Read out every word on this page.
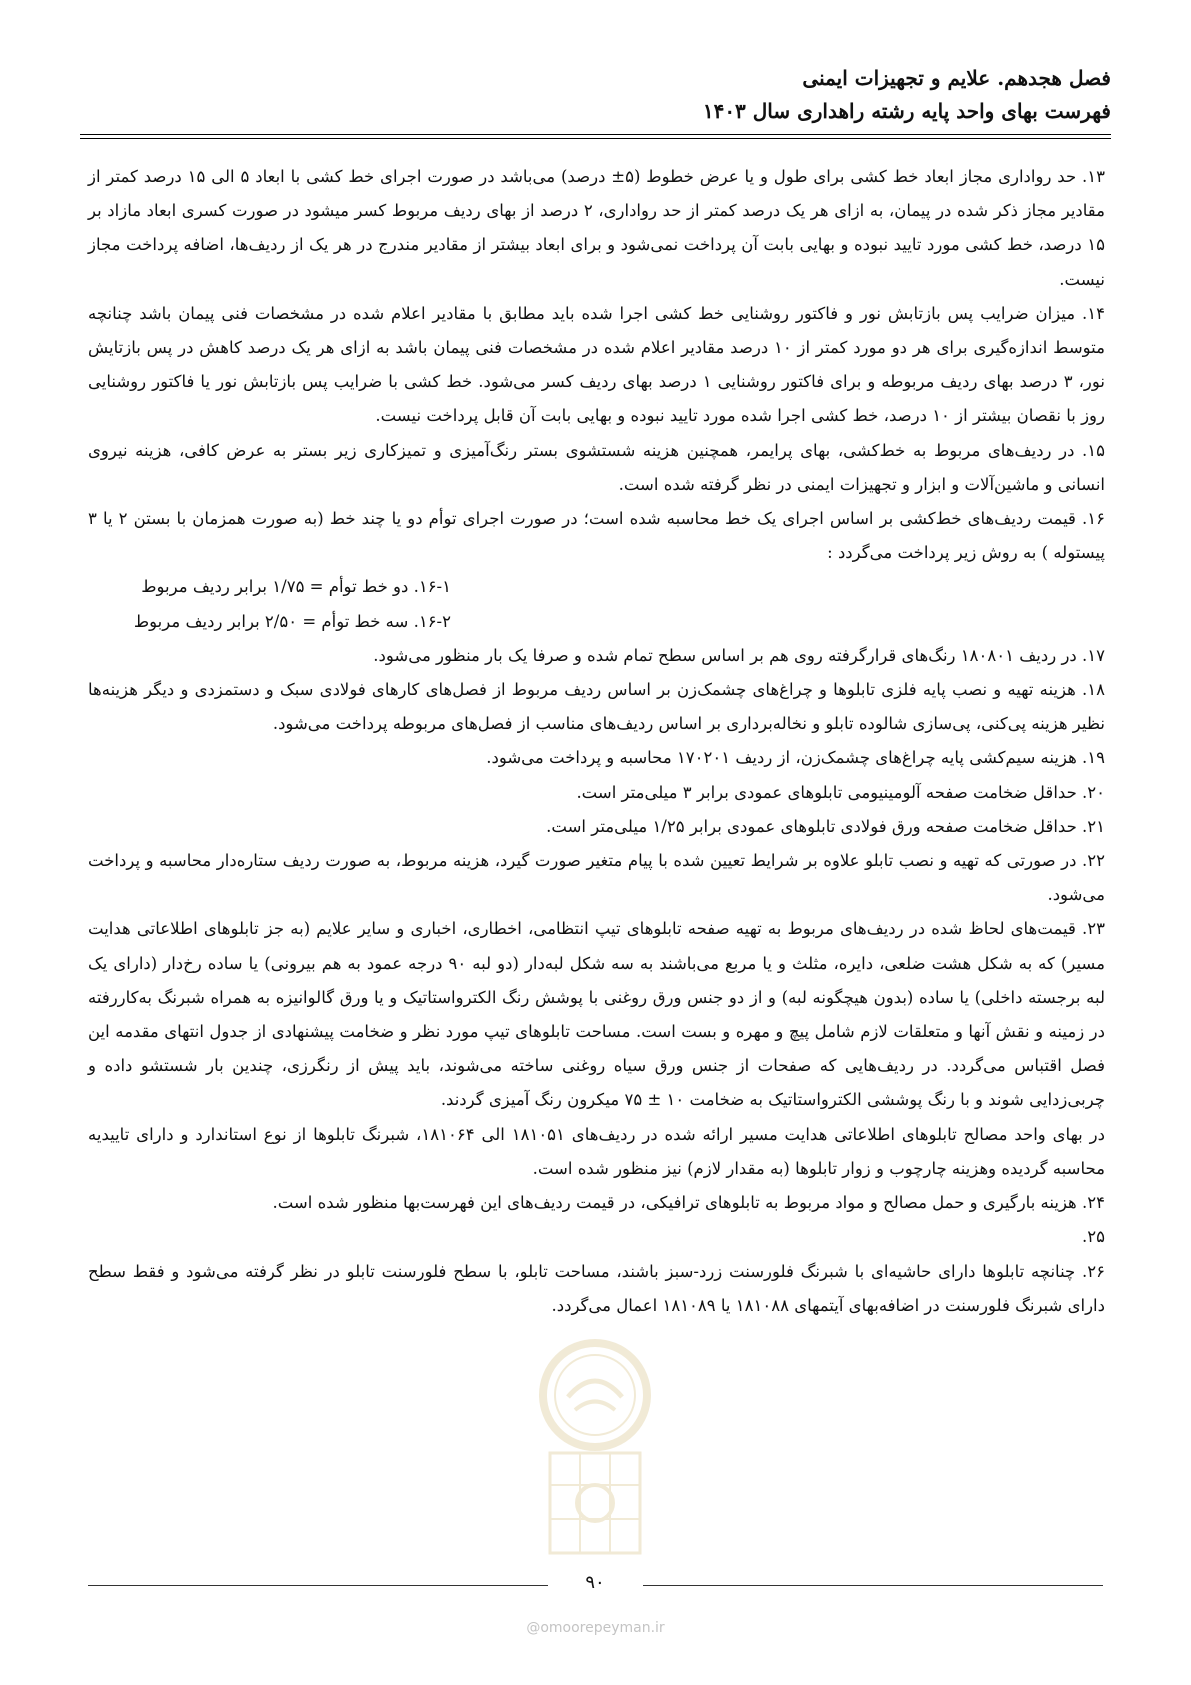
فصل هجدهم. علایم و تجهیزات ایمنی
فهرست بهای واحد پایه رشته راهداری سال ۱۴۰۳

۱۳. حد رواداری مجاز ابعاد خط کشی برای طول و یا عرض خطوط (۵± درصد) می‌باشد در صورت اجرای خط کشی با ابعاد ۵ الی ۱۵ درصد کمتر از مقادیر مجاز ذکر شده در پیمان، به ازای هر یک درصد کمتر از حد رواداری، ۲ درصد از بهای ردیف مربوط کسر میشود در صورت کسری ابعاد مازاد بر ۱۵ درصد، خط کشی مورد تایید نبوده و بهایی بابت آن پرداخت نمی‌شود و برای ابعاد بیشتر از مقادیر مندرج در هر یک از ردیف‌ها، اضافه پرداخت مجاز نیست.

۱۴. میزان ضرایب پس بازتابش نور و فاکتور روشنایی خط کشی اجرا شده باید مطابق با مقادیر اعلام شده در مشخصات فنی پیمان باشد چنانچه متوسط اندازه‌گیری برای هر دو مورد کمتر از ۱۰ درصد مقادیر اعلام شده در مشخصات فنی پیمان باشد به ازای هر یک درصد کاهش در پس بازتایش نور، ۳ درصد بهای ردیف مربوطه و برای فاکتور روشنایی ۱ درصد بهای ردیف کسر می‌شود. خط کشی با ضرایب پس بازتابش نور یا فاکتور روشنایی روز با نقصان بیشتر از ۱۰ درصد، خط کشی اجرا شده مورد تایید نبوده و بهایی بابت آن قابل پرداخت نیست.

۱۵. در ردیف‌های مربوط به خط‌کشی، بهای پرایمر، همچنین هزینه شستشوی بستر رنگ‌آمیزی و تمیزکاری زیر بستر به عرض کافی، هزینه نیروی انسانی و ماشین‌آلات و ابزار و تجهیزات ایمنی در نظر گرفته شده است.

۱۶. قیمت ردیف‌های خط‌کشی بر اساس اجرای یک خط محاسبه شده است؛ در صورت اجرای توأم دو یا چند خط (به صورت همزمان با بستن ۲ یا ۳ پیستوله ) به روش زیر پرداخت می‌گردد :

۱۶-۱. دو خط توأم = ۱/۷۵ برابر ردیف مربوط

۱۶-۲. سه خط توأم = ۲/۵۰ برابر ردیف مربوط

۱۷. در ردیف ۱۸۰۸۰۱ رنگ‌های قرارگرفته روی هم بر اساس سطح تمام شده و صرفا یک بار منظور می‌شود.

۱۸. هزینه تهیه و نصب پایه فلزی تابلوها و چراغ‌های چشمک‌زن بر اساس ردیف مربوط از فصل‌های کارهای فولادی سبک و دستمزدی و دیگر هزینه‌ها نظیر هزینه پی‌کنی، پی‌سازی شالوده تابلو و نخاله‌برداری بر اساس ردیف‌های مناسب از فصل‌های مربوطه پرداخت می‌شود.

۱۹. هزینه سیم‌کشی پایه چراغ‌های چشمک‌زن، از ردیف ۱۷۰۲۰۱ محاسبه و پرداخت می‌شود.

۲۰. حداقل ضخامت صفحه آلومینیومی تابلوهای عمودی برابر ۳ میلی‌متر است.

۲۱. حداقل ضخامت صفحه ورق فولادی تابلوهای عمودی برابر ۱/۲۵ میلی‌متر است.

۲۲. در صورتی که تهیه و نصب تابلو علاوه بر شرایط تعیین شده با پیام متغیر صورت گیرد، هزینه مربوط، به صورت ردیف ستاره‌دار محاسبه و پرداخت می‌شود.

۲۳. قیمت‌های لحاظ شده در ردیف‌های مربوط به تهیه صفحه تابلوهای تیپ انتظامی، اخطاری، اخباری و سایر علایم (به جز تابلوهای اطلاعاتی هدایت مسیر) که به شکل هشت ضلعی، دایره، مثلث و یا مربع می‌باشند به سه شکل لبه‌دار (دو لبه ۹۰ درجه عمود به هم بیرونی) یا ساده رخ‌دار (دارای یک لبه برجسته داخلی) یا ساده (بدون هیچگونه لبه) و از دو جنس ورق روغنی با پوشش رنگ الکترواستاتیک و یا ورق گالوانیزه به همراه شبرنگ به‌کاررفته در زمینه و نقش آنها و متعلقات لازم شامل پیچ و مهره و بست است. مساحت تابلوهای تیپ مورد نظر و ضخامت پیشنهادی از جدول انتهای مقدمه این فصل اقتباس می‌گردد. در ردیف‌هایی که صفحات از جنس ورق سیاه روغنی ساخته می‌شوند، باید پیش از رنگرزی، چندین بار شستشو داده و چربی‌زدایی شوند و با رنگ پوششی الکترواستاتیک به ضخامت ۱۰ ± ۷۵ میکرون رنگ آمیزی گردند.

در بهای واحد مصالح تابلوهای اطلاعاتی هدایت مسیر ارائه شده در ردیف‌های ۱۸۱۰۵۱ الی ۱۸۱۰۶۴، شبرنگ تابلوها از نوع استاندارد و دارای تاییدیه محاسبه گردیده وهزینه چارچوب و زوار تابلوها (به مقدار لازم) نیز منظور شده است.

۲۴. هزینه بارگیری و حمل مصالح و مواد مربوط به تابلوهای ترافیکی، در قیمت ردیف‌های این فهرست‌بها منظور شده است.

۲۵.

۲۶. چنانچه تابلوها دارای حاشیه‌ای با شبرنگ فلورسنت زرد-سبز باشند، مساحت تابلو، با سطح فلورسنت تابلو در نظر گرفته می‌شود و فقط سطح دارای شبرنگ فلورسنت در اضافه‌بهای آیتمهای ۱۸۱۰۸۸ یا ۱۸۱۰۸۹ اعمال می‌گردد.

۹۰
@omoorepeyman.ir
